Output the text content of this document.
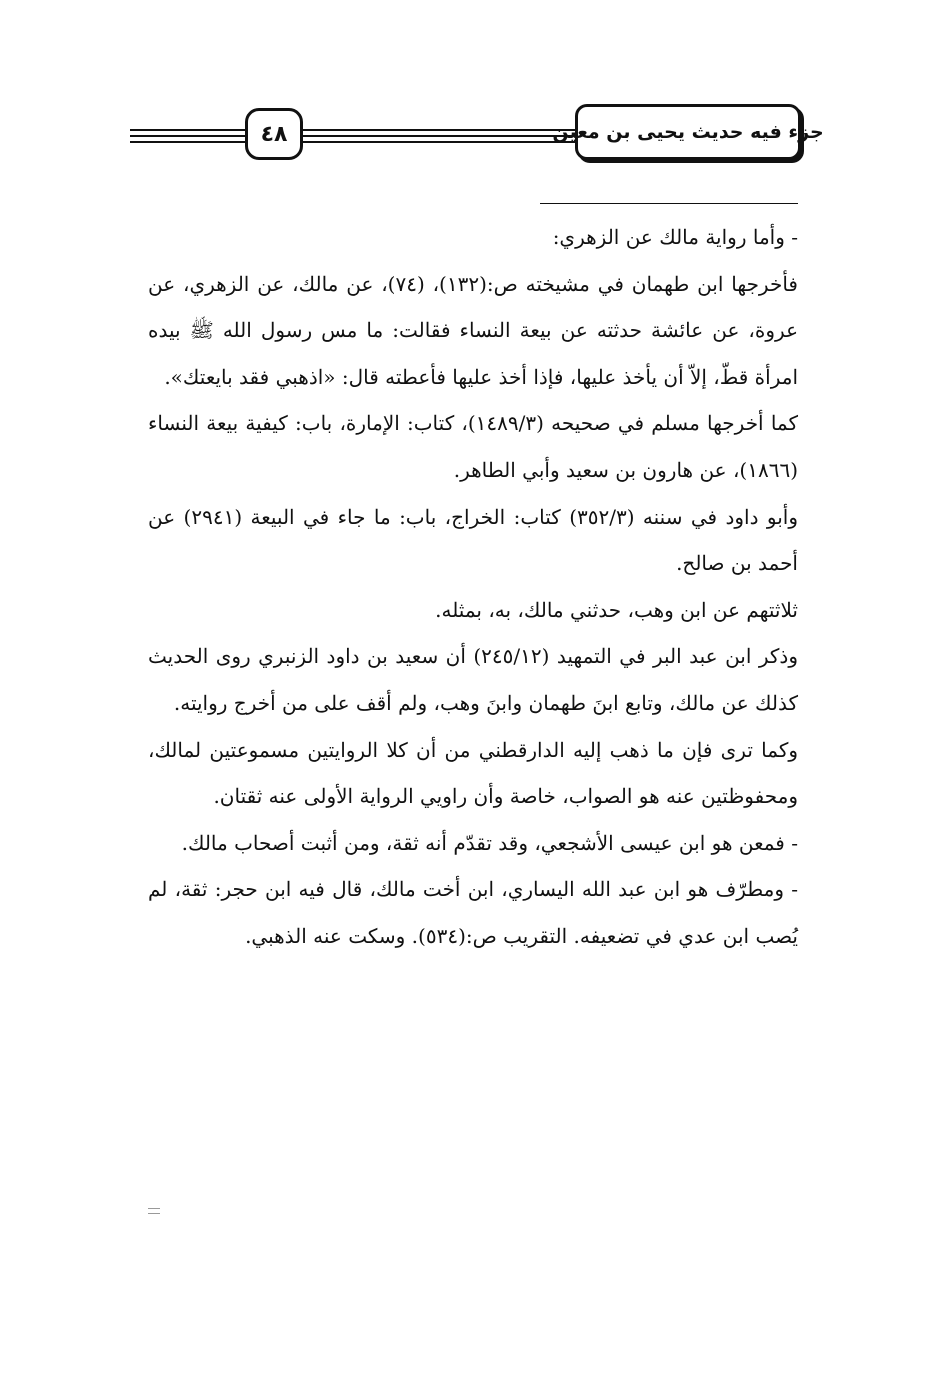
٤٨	جزء فيه حديث يحيى بن معين

- وأما رواية مالك عن الزهري:

فأخرجها ابن طهمان في مشيخته ص:(١٣٢)، (٧٤)، عن مالك، عن الزهري، عن عروة، عن عائشة حدثته عن بيعة النساء فقالت: ما مس رسول الله ﷺ بيده امرأة قطّ، إلاّ أن يأخذ عليها، فإذا أخذ عليها فأعطته قال: «اذهبي فقد بايعتك».

كما أخرجها مسلم في صحيحه (١٤٨٩/٣)، كتاب: الإمارة، باب: كيفية بيعة النساء (١٨٦٦)، عن هارون بن سعيد وأبي الطاهر.

وأبو داود في سننه (٣٥٢/٣) كتاب: الخراج، باب: ما جاء في البيعة (٢٩٤١) عن أحمد بن صالح.

ثلاثتهم عن ابن وهب، حدثني مالك، به، بمثله.

وذكر ابن عبد البر في التمهيد (٢٤٥/١٢) أن سعيد بن داود الزنبري روى الحديث كذلك عن مالك، وتابع ابنَ طهمان وابنَ وهب، ولم أقف على من أخرج روايته.

وكما ترى فإن ما ذهب إليه الدارقطني من أن كلا الروايتين مسموعتين لمالك، ومحفوظتين عنه هو الصواب، خاصة وأن راويي الرواية الأولى عنه ثقتان.

- فمعن هو ابن عيسى الأشجعي، وقد تقدّم أنه ثقة، ومن أثبت أصحاب مالك.

- ومطرّف هو ابن عبد الله اليساري، ابن أخت مالك، قال فيه ابن حجر: ثقة، لم يُصب ابن عدي في تضعيفه. التقريب ص:(٥٣٤). وسكت عنه الذهبي.
